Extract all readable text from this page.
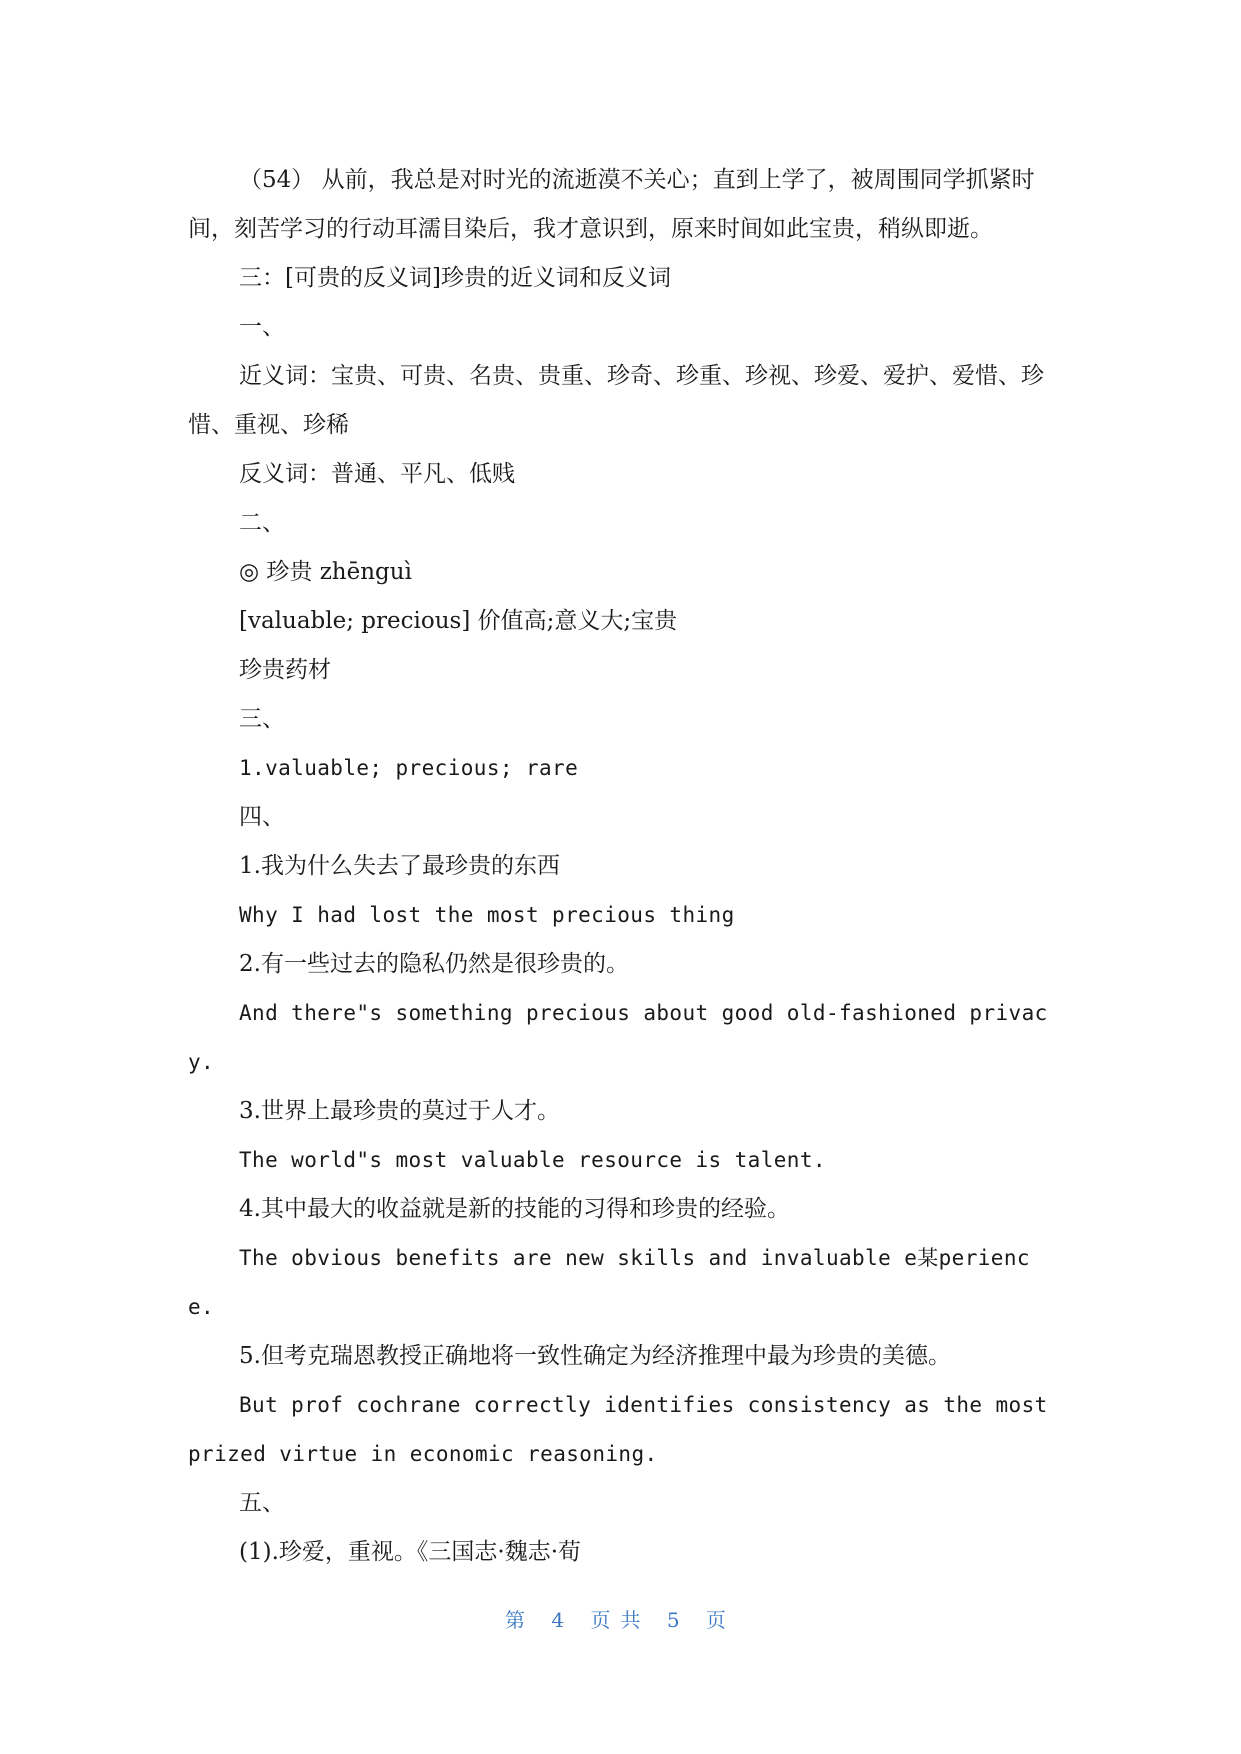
（54） 从前，我总是对时光的流逝漠不关心；直到上学了，被周围同学抓紧时间，刻苦学习的行动耳濡目染后，我才意识到，原来时间如此宝贵，稍纵即逝。

三：[可贵的反义词]珍贵的近义词和反义词

一、

近义词：宝贵、可贵、名贵、贵重、珍奇、珍重、珍视、珍爱、爱护、爱惜、珍惜、重视、珍稀

反义词：普通、平凡、低贱

二、

◎ 珍贵 zhēnguì

[valuable; precious] 价值高;意义大;宝贵

珍贵药材

三、

1.valuable; precious; rare

四、

1.我为什么失去了最珍贵的东西

Why I had lost the most precious thing

2.有一些过去的隐私仍然是很珍贵的。

And there"s something precious about good old-fashioned privacy.

3.世界上最珍贵的莫过于人才。

The world"s most valuable resource is talent.

4.其中最大的收益就是新的技能的习得和珍贵的经验。

The obvious benefits are new skills and invaluable e某perience.

5.但考克瑞恩教授正确地将一致性确定为经济推理中最为珍贵的美德。

But prof cochrane correctly identifies consistency as the most prized virtue in economic reasoning.

五、

(1).珍爱，重视。《三国志·魏志·荀

第 4 页共 5 页
